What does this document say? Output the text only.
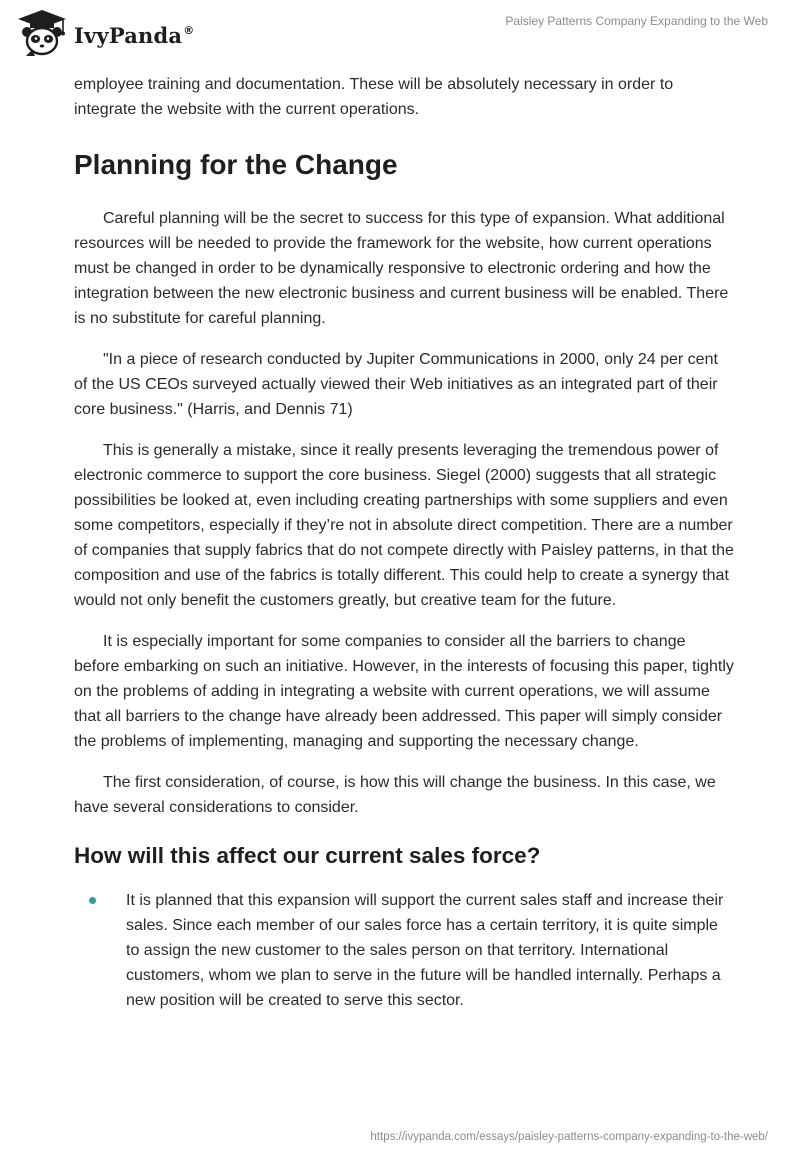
IvyPanda®
Paisley Patterns Company Expanding to the Web

employee training and documentation. These will be absolutely necessary in order to integrate the website with the current operations.

Planning for the Change

Careful planning will be the secret to success for this type of expansion. What additional resources will be needed to provide the framework for the website, how current operations must be changed in order to be dynamically responsive to electronic ordering and how the integration between the new electronic business and current business will be enabled. There is no substitute for careful planning.

"In a piece of research conducted by Jupiter Communications in 2000, only 24 per cent of the US CEOs surveyed actually viewed their Web initiatives as an integrated part of their core business." (Harris, and Dennis 71)

This is generally a mistake, since it really presents leveraging the tremendous power of electronic commerce to support the core business. Siegel (2000) suggests that all strategic possibilities be looked at, even including creating partnerships with some suppliers and even some competitors, especially if they’re not in absolute direct competition. There are a number of companies that supply fabrics that do not compete directly with Paisley patterns, in that the composition and use of the fabrics is totally different. This could help to create a synergy that would not only benefit the customers greatly, but creative team for the future.

It is especially important for some companies to consider all the barriers to change before embarking on such an initiative. However, in the interests of focusing this paper, tightly on the problems of adding in integrating a website with current operations, we will assume that all barriers to the change have already been addressed. This paper will simply consider the problems of implementing, managing and supporting the necessary change.

The first consideration, of course, is how this will change the business. In this case, we have several considerations to consider.

How will this affect our current sales force?
It is planned that this expansion will support the current sales staff and increase their sales. Since each member of our sales force has a certain territory, it is quite simple to assign the new customer to the sales person on that territory. International customers, whom we plan to serve in the future will be handled internally. Perhaps a new position will be created to serve this sector.
https://ivypanda.com/essays/paisley-patterns-company-expanding-to-the-web/
